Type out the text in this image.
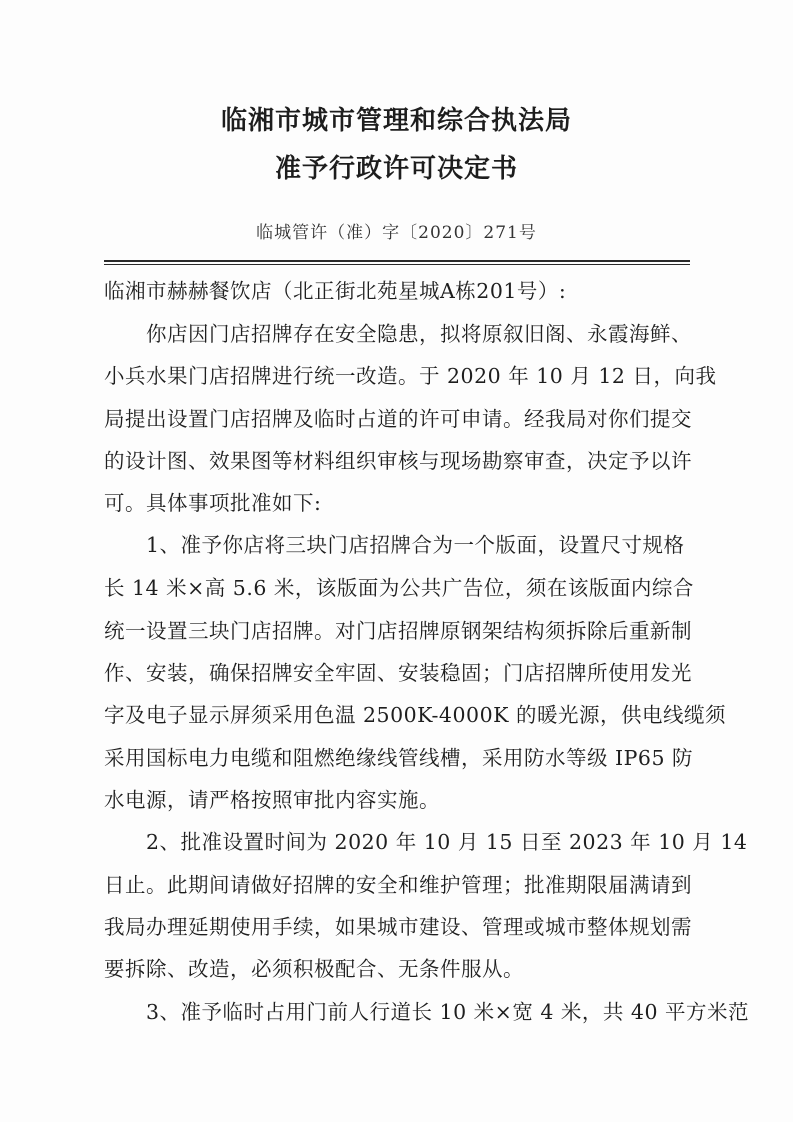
临湘市城市管理和综合执法局
准予行政许可决定书
临城管许（准）字〔2020〕271号
临湘市赫赫餐饮店（北正街北苑星城A栋201号）:
你店因门店招牌存在安全隐患，拟将原叙旧阁、永霞海鲜、
小兵水果门店招牌进行统一改造。于 2020 年 10 月 12 日，向我
局提出设置门店招牌及临时占道的许可申请。经我局对你们提交
的设计图、效果图等材料组织审核与现场勘察审查，决定予以许
可。具体事项批准如下:
1、准予你店将三块门店招牌合为一个版面，设置尺寸规格
长 14 米×高 5.6 米，该版面为公共广告位，须在该版面内综合
统一设置三块门店招牌。对门店招牌原钢架结构须拆除后重新制
作、安装，确保招牌安全牢固、安装稳固；门店招牌所使用发光
字及电子显示屏须采用色温 2500K-4000K 的暖光源，供电线缆须
采用国标电力电缆和阻燃绝缘线管线槽，采用防水等级 IP65 防
水电源，请严格按照审批内容实施。
2、批准设置时间为 2020 年 10 月 15 日至 2023 年 10 月 14
日止。此期间请做好招牌的安全和维护管理；批准期限届满请到
我局办理延期使用手续，如果城市建设、管理或城市整体规划需
要拆除、改造，必须积极配合、无条件服从。
3、准予临时占用门前人行道长 10 米×宽 4 米，共 40 平方米范
